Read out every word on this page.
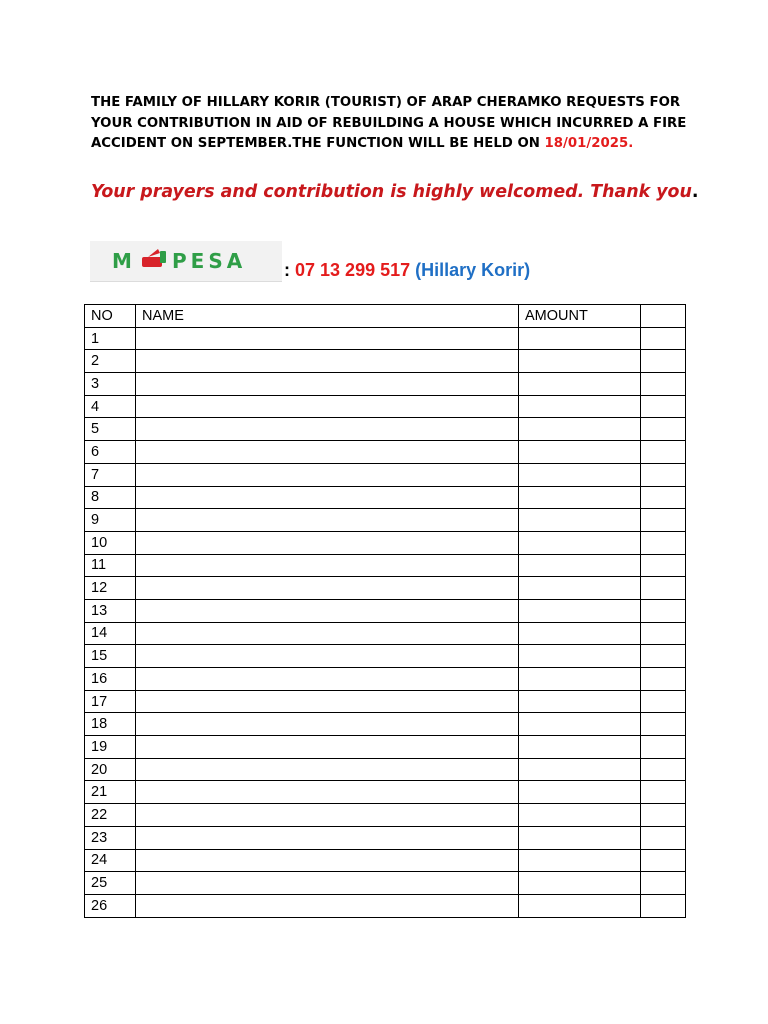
THE FAMILY OF HILLARY KORIR (TOURIST) OF ARAP CHERAMKO REQUESTS FOR YOUR CONTRIBUTION IN AID OF REBUILDING A HOUSE WHICH INCURRED A FIRE ACCIDENT ON SEPTEMBER.THE FUNCTION WILL BE HELD ON 18/01/2025.

Your prayers and contribution is highly welcomed. Thank you.

M PESA : 07 13 299 517 (Hillary Korir)
NO	NAME	AMOUNT	
1			
2			
3			
4			
5			
6			
7			
8			
9			
10			
11			
12			
13			
14			
15			
16			
17			
18			
19			
20			
21			
22			
23			
24			
25			
26			
